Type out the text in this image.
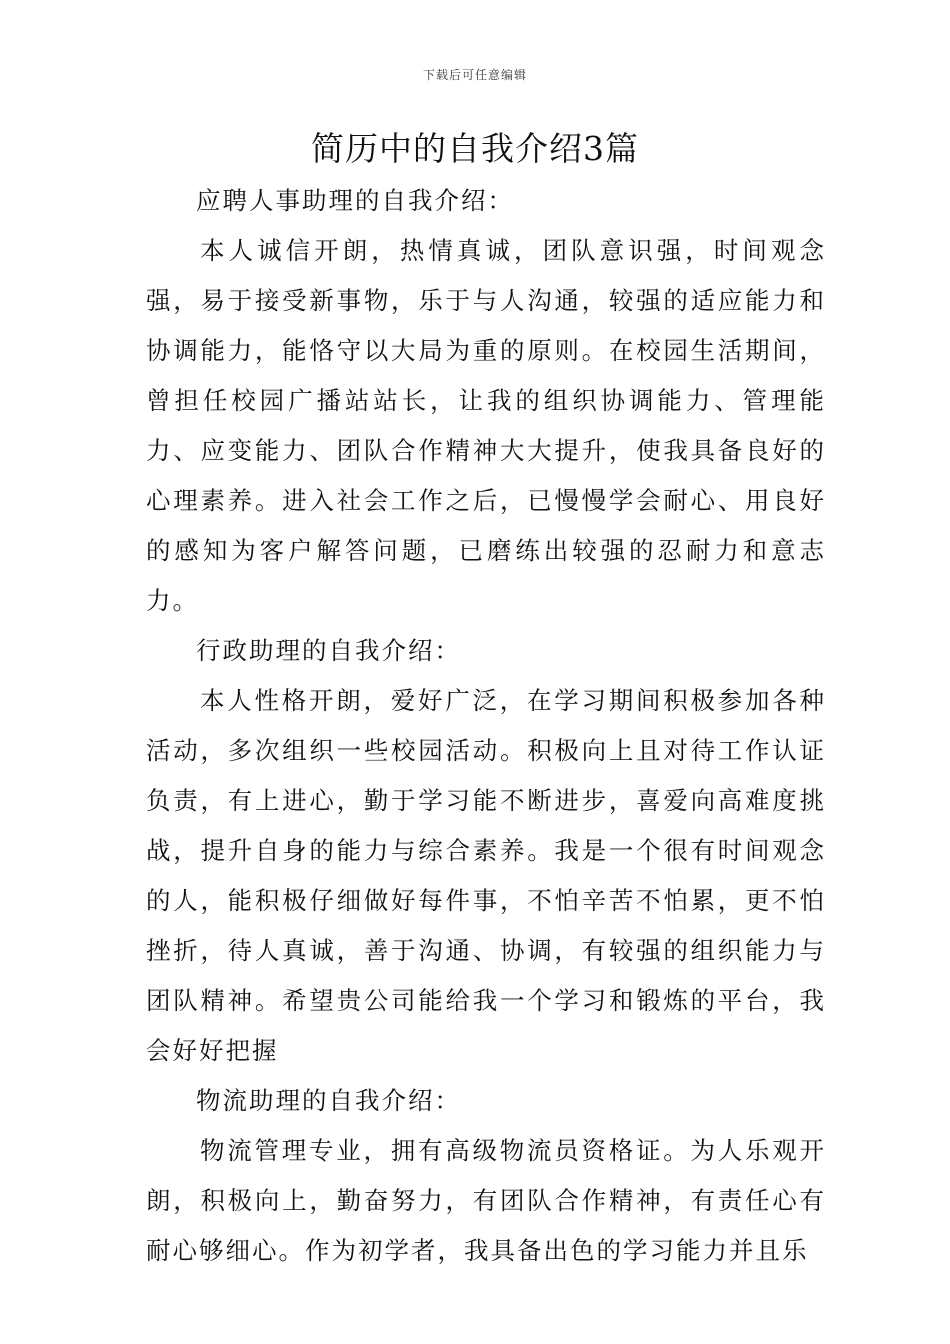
下载后可任意编辑
简历中的自我介绍3篇

应聘人事助理的自我介绍：

本人诚信开朗，热情真诚，团队意识强，时间观念强，易于接受新事物，乐于与人沟通，较强的适应能力和协调能力，能恪守以大局为重的原则。在校园生活期间，曾担任校园广播站站长，让我的组织协调能力、管理能力、应变能力、团队合作精神大大提升，使我具备良好的心理素养。进入社会工作之后，已慢慢学会耐心、用良好的感知为客户解答问题，已磨练出较强的忍耐力和意志力。

行政助理的自我介绍：

本人性格开朗，爱好广泛，在学习期间积极参加各种活动，多次组织一些校园活动。积极向上且对待工作认证负责，有上进心，勤于学习能不断进步，喜爱向高难度挑战，提升自身的能力与综合素养。我是一个很有时间观念的人，能积极仔细做好每件事，不怕辛苦不怕累，更不怕挫折，待人真诚，善于沟通、协调，有较强的组织能力与团队精神。希望贵公司能给我一个学习和锻炼的平台，我会好好把握

物流助理的自我介绍：

物流管理专业，拥有高级物流员资格证。为人乐观开朗，积极向上，勤奋努力，有团队合作精神，有责任心有耐心够细心。作为初学者，我具备出色的学习能力并且乐
